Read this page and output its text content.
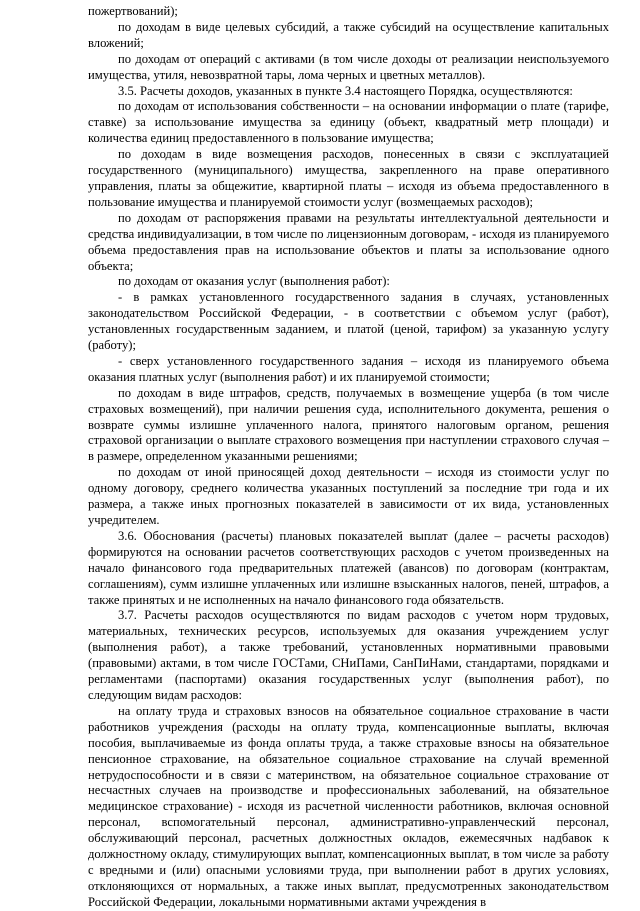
пожертвований);

по доходам в виде целевых субсидий, а также субсидий на осуществление капитальных вложений;

по доходам от операций с активами (в том числе доходы от реализации неиспользуемого имущества, утиля, невозвратной тары, лома черных и цветных металлов).

3.5. Расчеты доходов, указанных в пункте 3.4 настоящего Порядка, осуществляются:

по доходам от использования собственности – на основании информации о плате (тарифе, ставке) за использование имущества за единицу (объект, квадратный метр площади) и количества единиц предоставленного в пользование имущества;

по доходам в виде возмещения расходов, понесенных в связи с эксплуатацией государственного (муниципального) имущества, закрепленного на праве оперативного управления, платы за общежитие, квартирной платы – исходя из объема предоставленного в пользование имущества и планируемой стоимости услуг (возмещаемых расходов);

по доходам от распоряжения правами на результаты интеллектуальной деятельности и средства индивидуализации, в том числе по лицензионным договорам, - исходя из планируемого объема предоставления прав на использование объектов и платы за использование одного объекта;

по доходам от оказания услуг (выполнения работ):

- в рамках установленного государственного задания в случаях, установленных законодательством Российской Федерации, - в соответствии с объемом услуг (работ), установленных государственным заданием, и платой (ценой, тарифом) за указанную услугу (работу);

- сверх установленного государственного задания – исходя из планируемого объема оказания платных услуг (выполнения работ) и их планируемой стоимости;

по доходам в виде штрафов, средств, получаемых в возмещение ущерба (в том числе страховых возмещений), при наличии решения суда, исполнительного документа, решения о возврате суммы излишне уплаченного налога, принятого налоговым органом, решения страховой организации о выплате страхового возмещения при наступлении страхового случая – в размере, определенном указанными решениями;

по доходам от иной приносящей доход деятельности – исходя из стоимости услуг по одному договору, среднего количества указанных поступлений за последние три года и их размера, а также иных прогнозных показателей в зависимости от их вида, установленных учредителем.

3.6. Обоснования (расчеты) плановых показателей выплат (далее – расчеты расходов) формируются на основании расчетов соответствующих расходов с учетом произведенных на начало финансового года предварительных платежей (авансов) по договорам (контрактам, соглашениям), сумм излишне уплаченных или излишне взысканных налогов, пеней, штрафов, а также принятых и не исполненных на начало финансового года обязательств.

3.7. Расчеты расходов осуществляются по видам расходов с учетом норм трудовых, материальных, технических ресурсов, используемых для оказания учреждением услуг (выполнения работ), а также требований, установленных нормативными правовыми (правовыми) актами, в том числе ГОСТами, СНиПами, СанПиНами, стандартами, порядками и регламентами (паспортами) оказания государственных услуг (выполнения работ), по следующим видам расходов:

на оплату труда и страховых взносов на обязательное социальное страхование в части работников учреждения (расходы на оплату труда, компенсационные выплаты, включая пособия, выплачиваемые из фонда оплаты труда, а также страховые взносы на обязательное пенсионное страхование, на обязательное социальное страхование на случай временной нетрудоспособности и в связи с материнством, на обязательное социальное страхование от несчастных случаев на производстве и профессиональных заболеваний, на обязательное медицинское страхование) - исходя из расчетной численности работников, включая основной персонал, вспомогательный персонал, административно-управленческий персонал, обслуживающий персонал, расчетных должностных окладов, ежемесячных надбавок к должностному окладу, стимулирующих выплат, компенсационных выплат, в том числе за работу с вредными и (или) опасными условиями труда, при выполнении работ в других условиях, отклоняющихся от нормальных, а также иных выплат, предусмотренных законодательством Российской Федерации, локальными нормативными актами учреждения в
